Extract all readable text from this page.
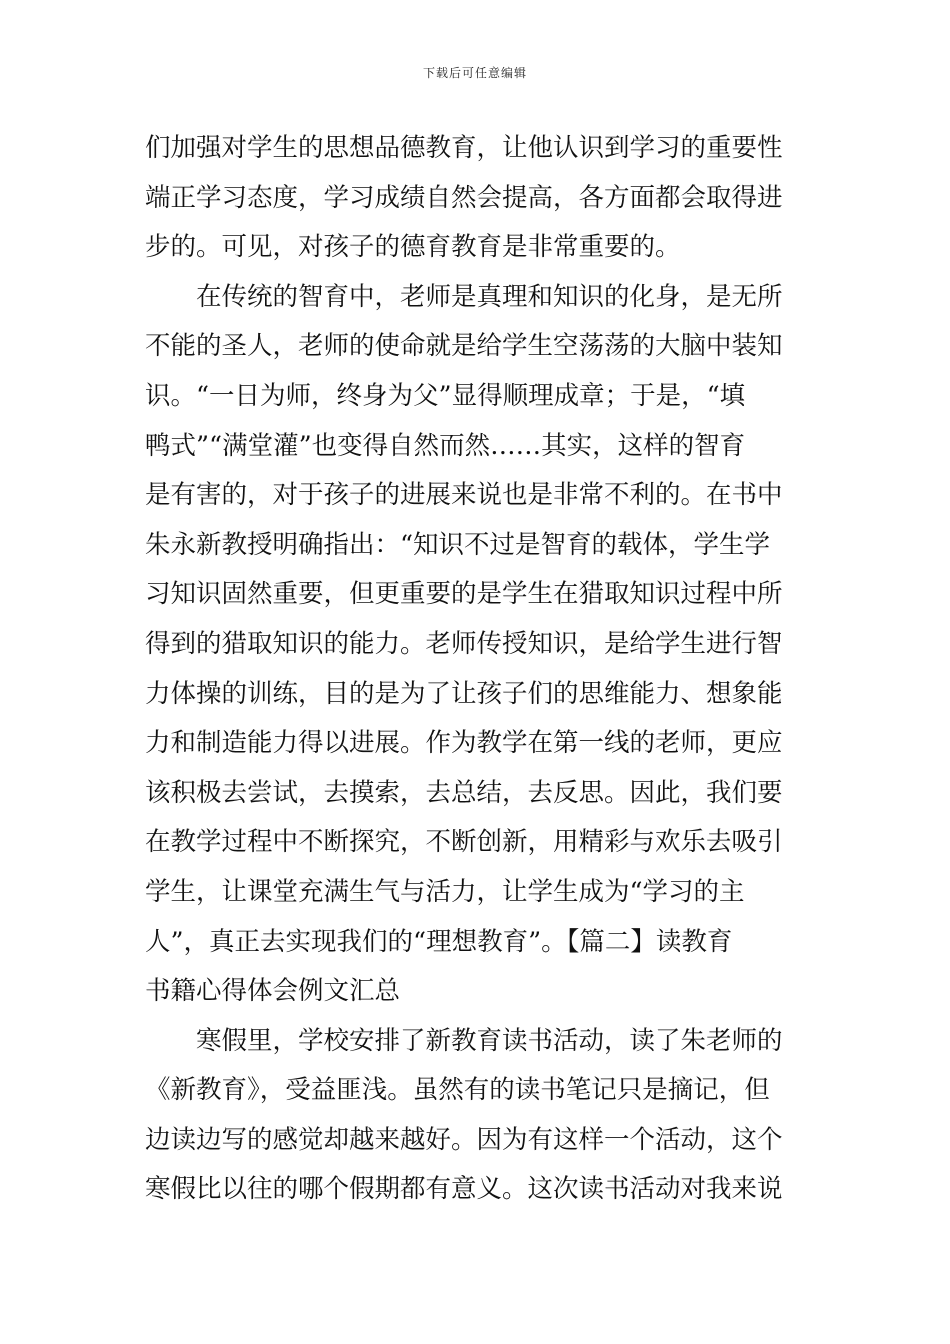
下载后可任意编辑
们加强对学生的思想品德教育，让他认识到学习的重要性
端正学习态度，学习成绩自然会提高，各方面都会取得进
步的。可见，对孩子的德育教育是非常重要的。
　　在传统的智育中，老师是真理和知识的化身，是无所
不能的圣人，老师的使命就是给学生空荡荡的大脑中装知
识。“一日为师，终身为父”显得顺理成章；于是，“填
鸭式”“满堂灌”也变得自然而然……其实，这样的智育
是有害的，对于孩子的进展来说也是非常不利的。在书中
朱永新教授明确指出：“知识不过是智育的载体，学生学
习知识固然重要，但更重要的是学生在猎取知识过程中所
得到的猎取知识的能力。老师传授知识，是给学生进行智
力体操的训练，目的是为了让孩子们的思维能力、想象能
力和制造能力得以进展。作为教学在第一线的老师，更应
该积极去尝试，去摸索，去总结，去反思。因此，我们要
在教学过程中不断探究，不断创新，用精彩与欢乐去吸引
学生，让课堂充满生气与活力，让学生成为“学习的主
人”，真正去实现我们的“理想教育”。【篇二】读教育
书籍心得体会例文汇总
　　寒假里，学校安排了新教育读书活动，读了朱老师的
《新教育》，受益匪浅。虽然有的读书笔记只是摘记，但
边读边写的感觉却越来越好。因为有这样一个活动，这个
寒假比以往的哪个假期都有意义。这次读书活动对我来说
